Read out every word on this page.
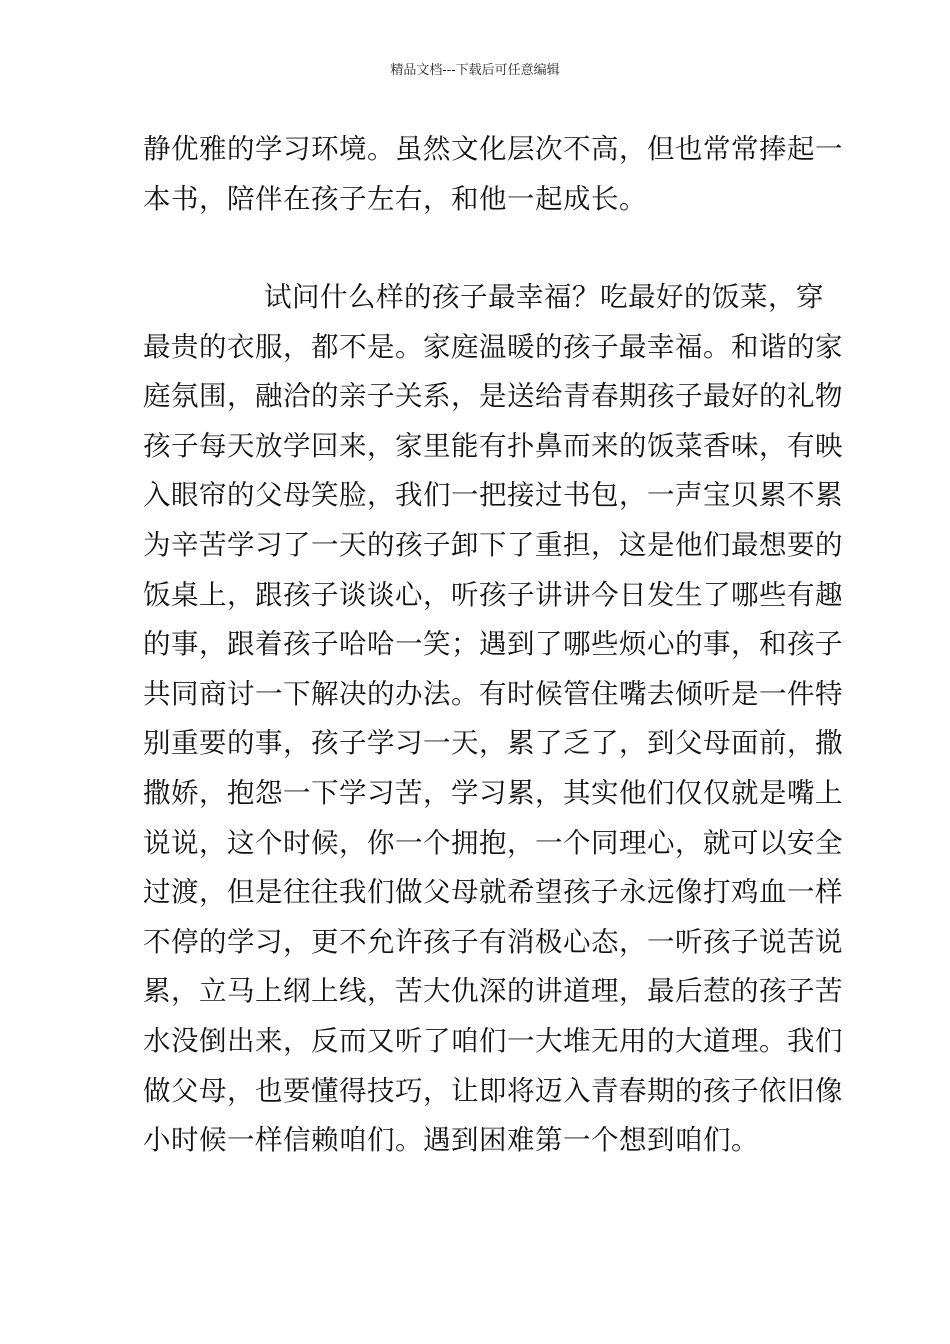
精品文档---下载后可任意编辑
静优雅的学习环境。虽然文化层次不高，但也常常捧起一
本书，陪伴在孩子左右，和他一起成长。
试问什么样的孩子最幸福？吃最好的饭菜，穿
最贵的衣服，都不是。家庭温暖的孩子最幸福。和谐的家
庭氛围，融洽的亲子关系，是送给青春期孩子最好的礼物
孩子每天放学回来，家里能有扑鼻而来的饭菜香味，有映
入眼帘的父母笑脸，我们一把接过书包，一声宝贝累不累
为辛苦学习了一天的孩子卸下了重担，这是他们最想要的
饭桌上，跟孩子谈谈心，听孩子讲讲今日发生了哪些有趣
的事，跟着孩子哈哈一笑；遇到了哪些烦心的事，和孩子
共同商讨一下解决的办法。有时候管住嘴去倾听是一件特
别重要的事，孩子学习一天，累了乏了，到父母面前，撒
撒娇，抱怨一下学习苦，学习累，其实他们仅仅就是嘴上
说说，这个时候，你一个拥抱，一个同理心，就可以安全
过渡，但是往往我们做父母就希望孩子永远像打鸡血一样
不停的学习，更不允许孩子有消极心态，一听孩子说苦说
累，立马上纲上线，苦大仇深的讲道理，最后惹的孩子苦
水没倒出来，反而又听了咱们一大堆无用的大道理。我们
做父母，也要懂得技巧，让即将迈入青春期的孩子依旧像
小时候一样信赖咱们。遇到困难第一个想到咱们。
